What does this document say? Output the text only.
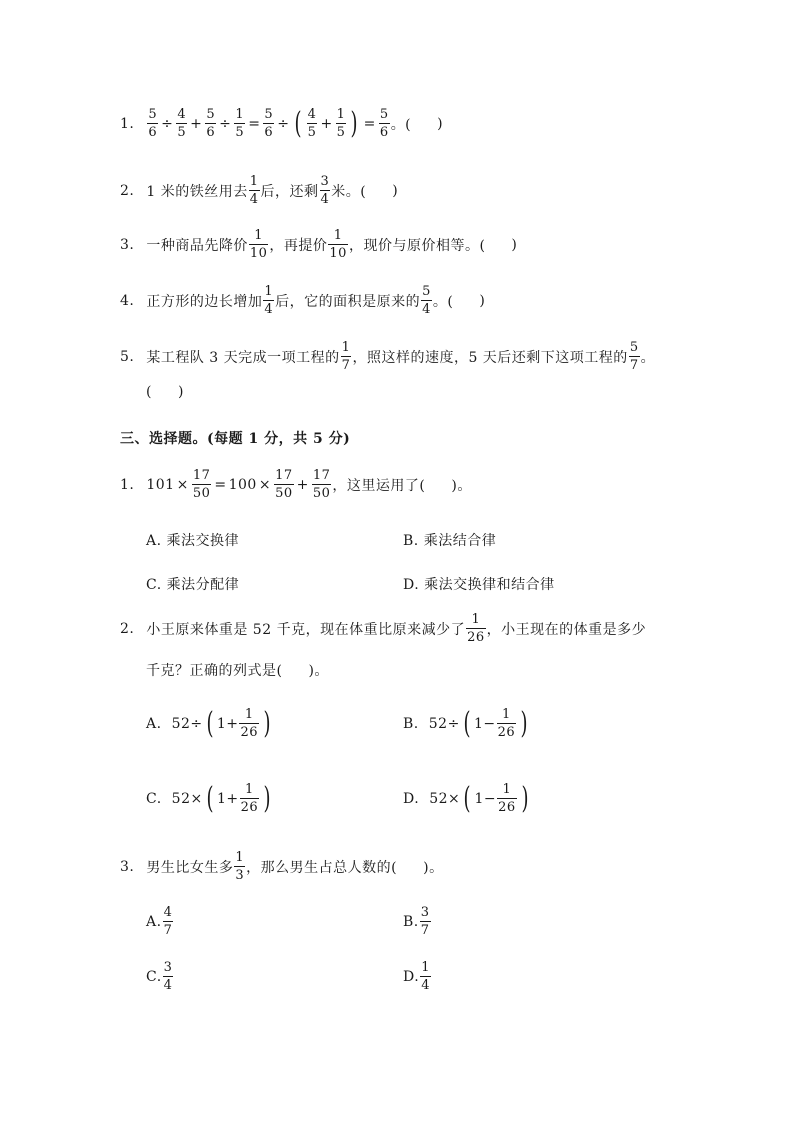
1. $\frac{5}{6} \div \frac{4}{5} + \frac{5}{6} \div \frac{1}{5} = \frac{5}{6}$ ÷ ( $\frac{4}{5} + \frac{1}{5}$ ) = $\frac{5}{6}$ 。( )
2. 1 米的铁丝用去 $\frac{1}{4}$ 后，还剩 $\frac{3}{4}$ 米。( )
3. 一种商品先降价 $\frac{1}{10}$ ，再提价 $\frac{1}{10}$ ，现价与原价相等。( )
4. 正方形的边长增加 $\frac{1}{4}$ 后，它的面积是原来的 $\frac{5}{4}$ 。( )
5. 某工程队 3 天完成一项工程的 $\frac{1}{7}$ ，照这样的速度，5 天后还剩下这项工程的 $\frac{5}{7}$ 。
( )
三、选择题。(每题 1 分，共 5 分)
1. $101 \times \frac{17}{50} = 100 \times \frac{17}{50} + \frac{17}{50}$ ，这里运用了( )。
A. 乘法交换律	B. 乘法结合律
C. 乘法分配律	D. 乘法交换律和结合律
2. 小王原来体重是 52 千克，现在体重比原来减少了 $\frac{1}{26}$ ，小王现在的体重是多少
千克？正确的列式是( )。
A. 52÷ ( $1+ \frac{1}{26}$ )	B. 52÷ ( $1- \frac{1}{26}$ )
C. 52× ( $1+ \frac{1}{26}$ )	D. 52× ( $1- \frac{1}{26}$ )
3. 男生比女生多 $\frac{1}{3}$ ，那么男生占总人数的( )。
A. $\frac{4}{7}$	B. $\frac{3}{7}$
C. $\frac{3}{4}$	D. $\frac{1}{4}$
